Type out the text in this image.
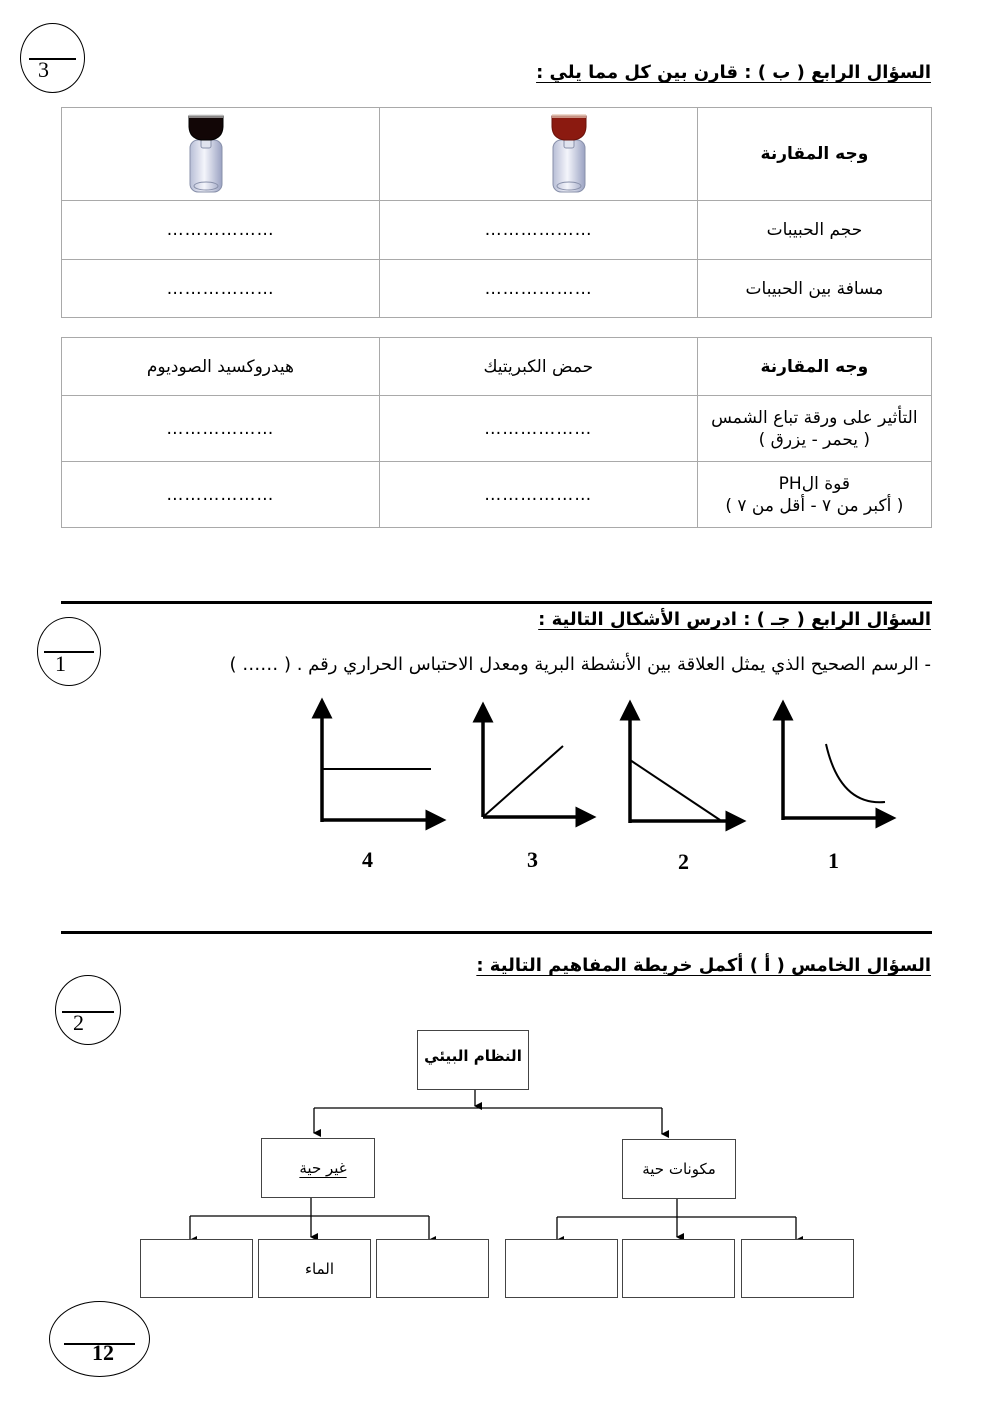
3	السؤال الرابع ( ب ) : قارن بين كل مما يلي :
وجه المقارنة		
حجم الحبيبات	………………	………………
مسافة بين الحبيبات	………………	………………
وجه المقارنة	حمض الكبريتيك	هيدروكسيد الصوديوم

التأثير على ورقة تباع الشمس
( يحمر - يزرق )	………………	………………

قوة الPH
( أكبر من ٧ - أقل من ٧ )	………………	………………
السؤال الرابع ( جـ ) : ادرس الأشكال التالية :
1	- الرسم الصحيح الذي يمثل العلاقة بين الأنشطة البرية ومعدل الاحتباس الحراري رقم . ( …… )
4	3	2	1
السؤال الخامس ( أ ) أكمل خريطة المفاهيم التالية :
2
النظام البيئي
مكونات حية
غير حية
الماء
12
